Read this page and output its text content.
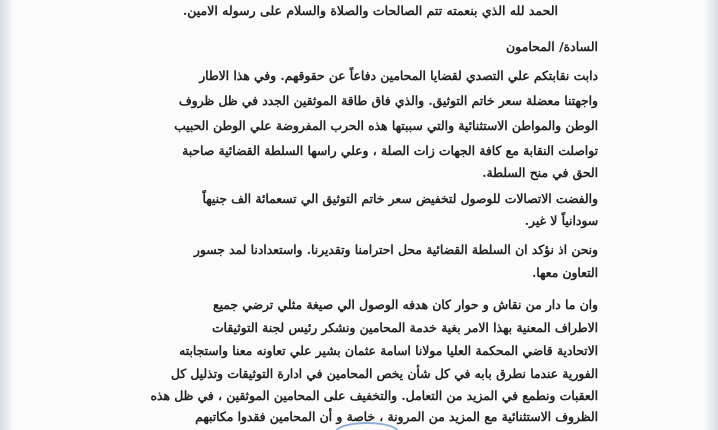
الحمد لله الذي بنعمته تتم الصالحات والصلاة والسلام على رسوله الامين.
السادة/ المحامون
دابت نقابتكم علي التصدي لقضايا المحامين دفاعاً عن حقوقهم. وفي هذا الاطار
واجهتنا معضلة سعر خاتم التوثيق. والذي فاق طاقة الموثقين الجدد في ظل ظروف
الوطن والمواطن الاستثنائية والتي سببتها هذه الحرب المفروضة علي الوطن الحبيب
تواصلت النقابة مع كافة الجهات زات الصلة ، وعلي راسها السلطة القضائية صاحبة
الحق في منح السلطة.
والفضت الاتصالات للوصول لتخفيض سعر خاتم التوثيق الي تسعمائة الف جنيهاً
سودانياً لا غير.
ونحن اذ نؤكد ان السلطة القضائية محل احترامنا وتقديرنا. واستعدادنا لمد جسور
التعاون معها.
وان ما دار من نقاش و حوار كان هدفه الوصول الي صيغة مثلي ترضي جميع
الاطراف المعنية بهذا الامر بغية خدمة المحامين ونشكر رئيس لجنة التوثيقات
الاتحادية قاضي المحكمة العليا مولانا اسامة عثمان بشير علي تعاونه معنا واستجابته
الفورية عندما نطرق بابه في كل شأن يخص المحامين في ادارة التوثيقات وتذليل كل
العقبات ونطمع في المزيد من التعامل. والتخفيف على المحامين الموثقين ، في ظل هذه
الظروف الاستثنائية مع المزيد من المرونة ، خاصة و أن المحامين فقدوا مكاتبهم
